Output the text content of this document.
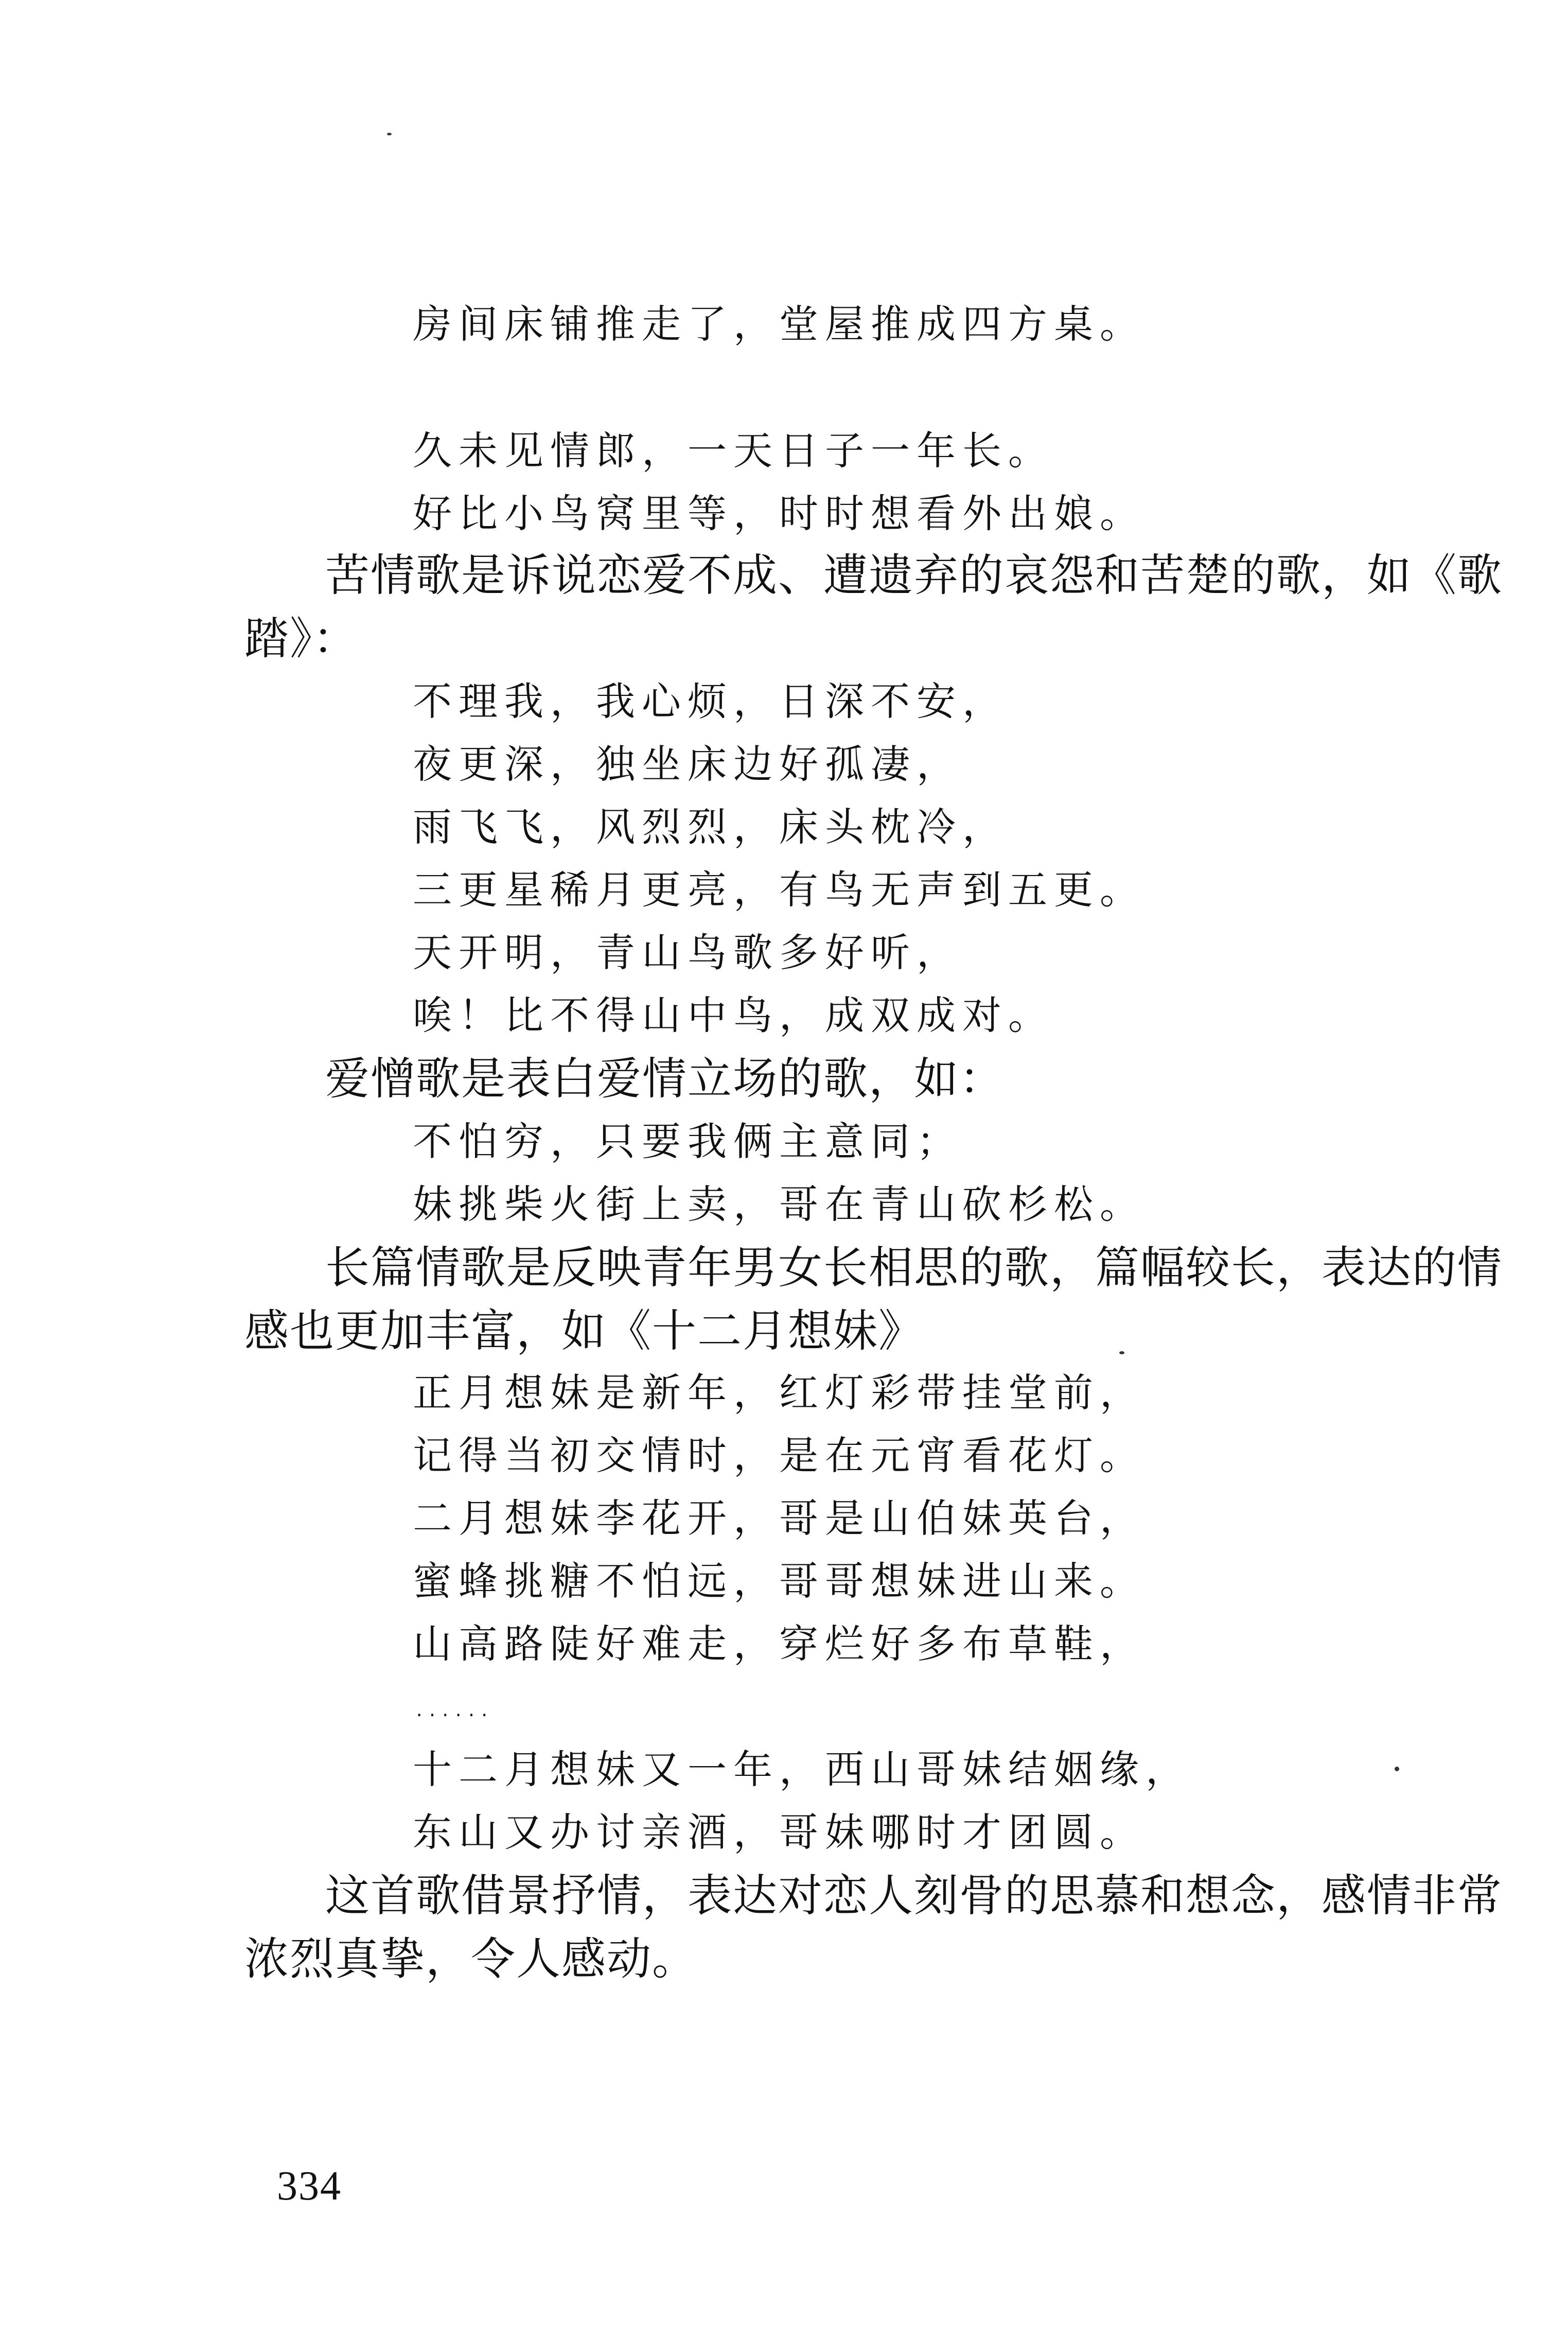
房间床铺推走了，堂屋推成四方桌。
久未见情郎，一天日子一年长。
好比小鸟窝里等，时时想看外出娘。
苦情歌是诉说恋爱不成、遭遗弃的哀怨和苦楚的歌，如《歌
踏》：
不理我，我心烦，日深不安，
夜更深，独坐床边好孤凄，
雨飞飞，风烈烈，床头枕冷，
三更星稀月更亮，有鸟无声到五更。
天开明，青山鸟歌多好听，
唉！比不得山中鸟，成双成对。
爱憎歌是表白爱情立场的歌，如：
不怕穷，只要我俩主意同；
妹挑柴火街上卖，哥在青山砍杉松。
长篇情歌是反映青年男女长相思的歌，篇幅较长，表达的情
感也更加丰富，如《十二月想妹》
正月想妹是新年，红灯彩带挂堂前，
记得当初交情时，是在元宵看花灯。
二月想妹李花开，哥是山伯妹英台，
蜜蜂挑糖不怕远，哥哥想妹进山来。
山高路陡好难走，穿烂好多布草鞋，
……
十二月想妹又一年，西山哥妹结姻缘，
东山又办讨亲酒，哥妹哪时才团圆。
这首歌借景抒情，表达对恋人刻骨的思慕和想念，感情非常
浓烈真挚，令人感动。
334
